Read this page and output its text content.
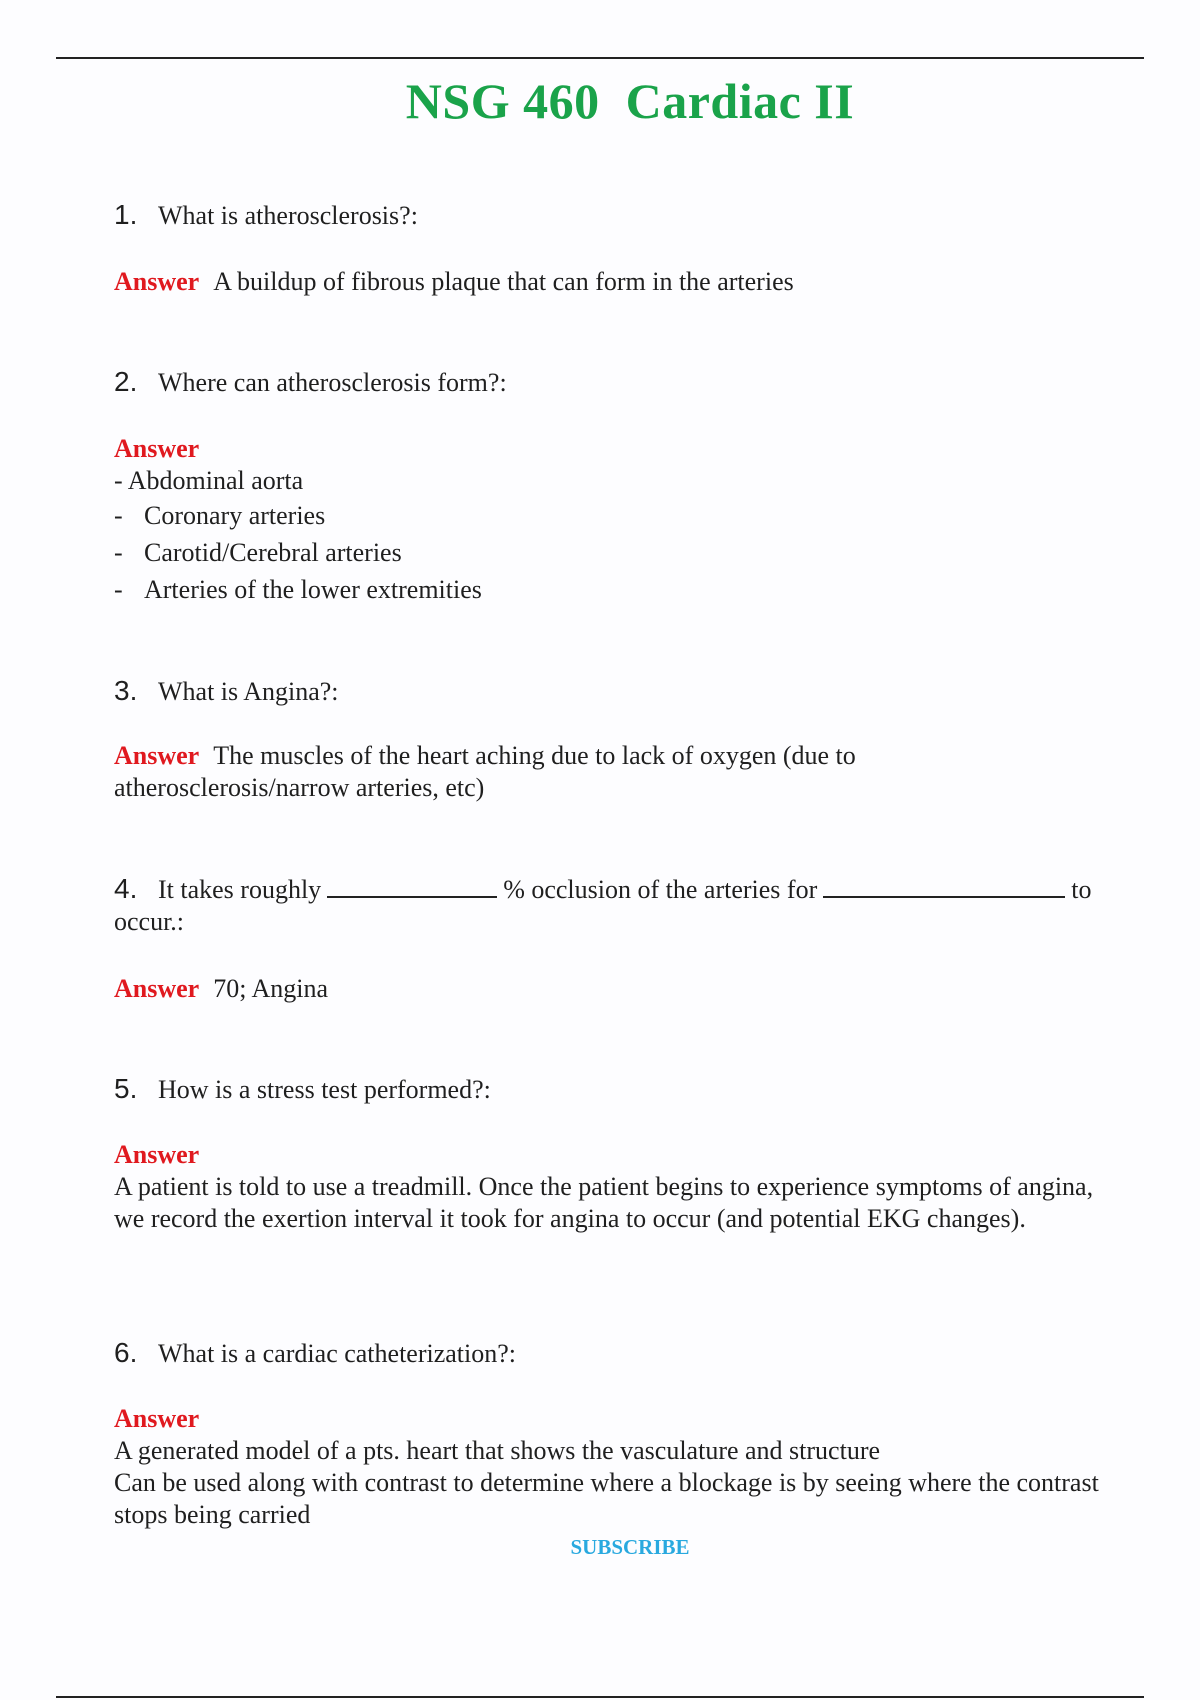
NSG 460  Cardiac II
1. What is atherosclerosis?:
Answer A buildup of fibrous plaque that can form in the arteries
2. Where can atherosclerosis form?:
Answer
- Abdominal aorta
- Coronary arteries
- Carotid/Cerebral arteries
- Arteries of the lower extremities
3. What is Angina?:
Answer The muscles of the heart aching due to lack of oxygen (due to atherosclerosis/narrow arteries, etc)
4. It takes roughly	% occlusion of the arteries for	to occur.:
Answer 70; Angina
5. How is a stress test performed?:
Answer
A patient is told to use a treadmill. Once the patient begins to experience symptoms of angina, we record the exertion interval it took for angina to occur (and potential EKG changes).
6. What is a cardiac catheterization?:
Answer
A generated model of a pts. heart that shows the vasculature and structure
Can be used along with contrast to determine where a blockage is by seeing where the contrast stops being carried
SUBSCRIBE
